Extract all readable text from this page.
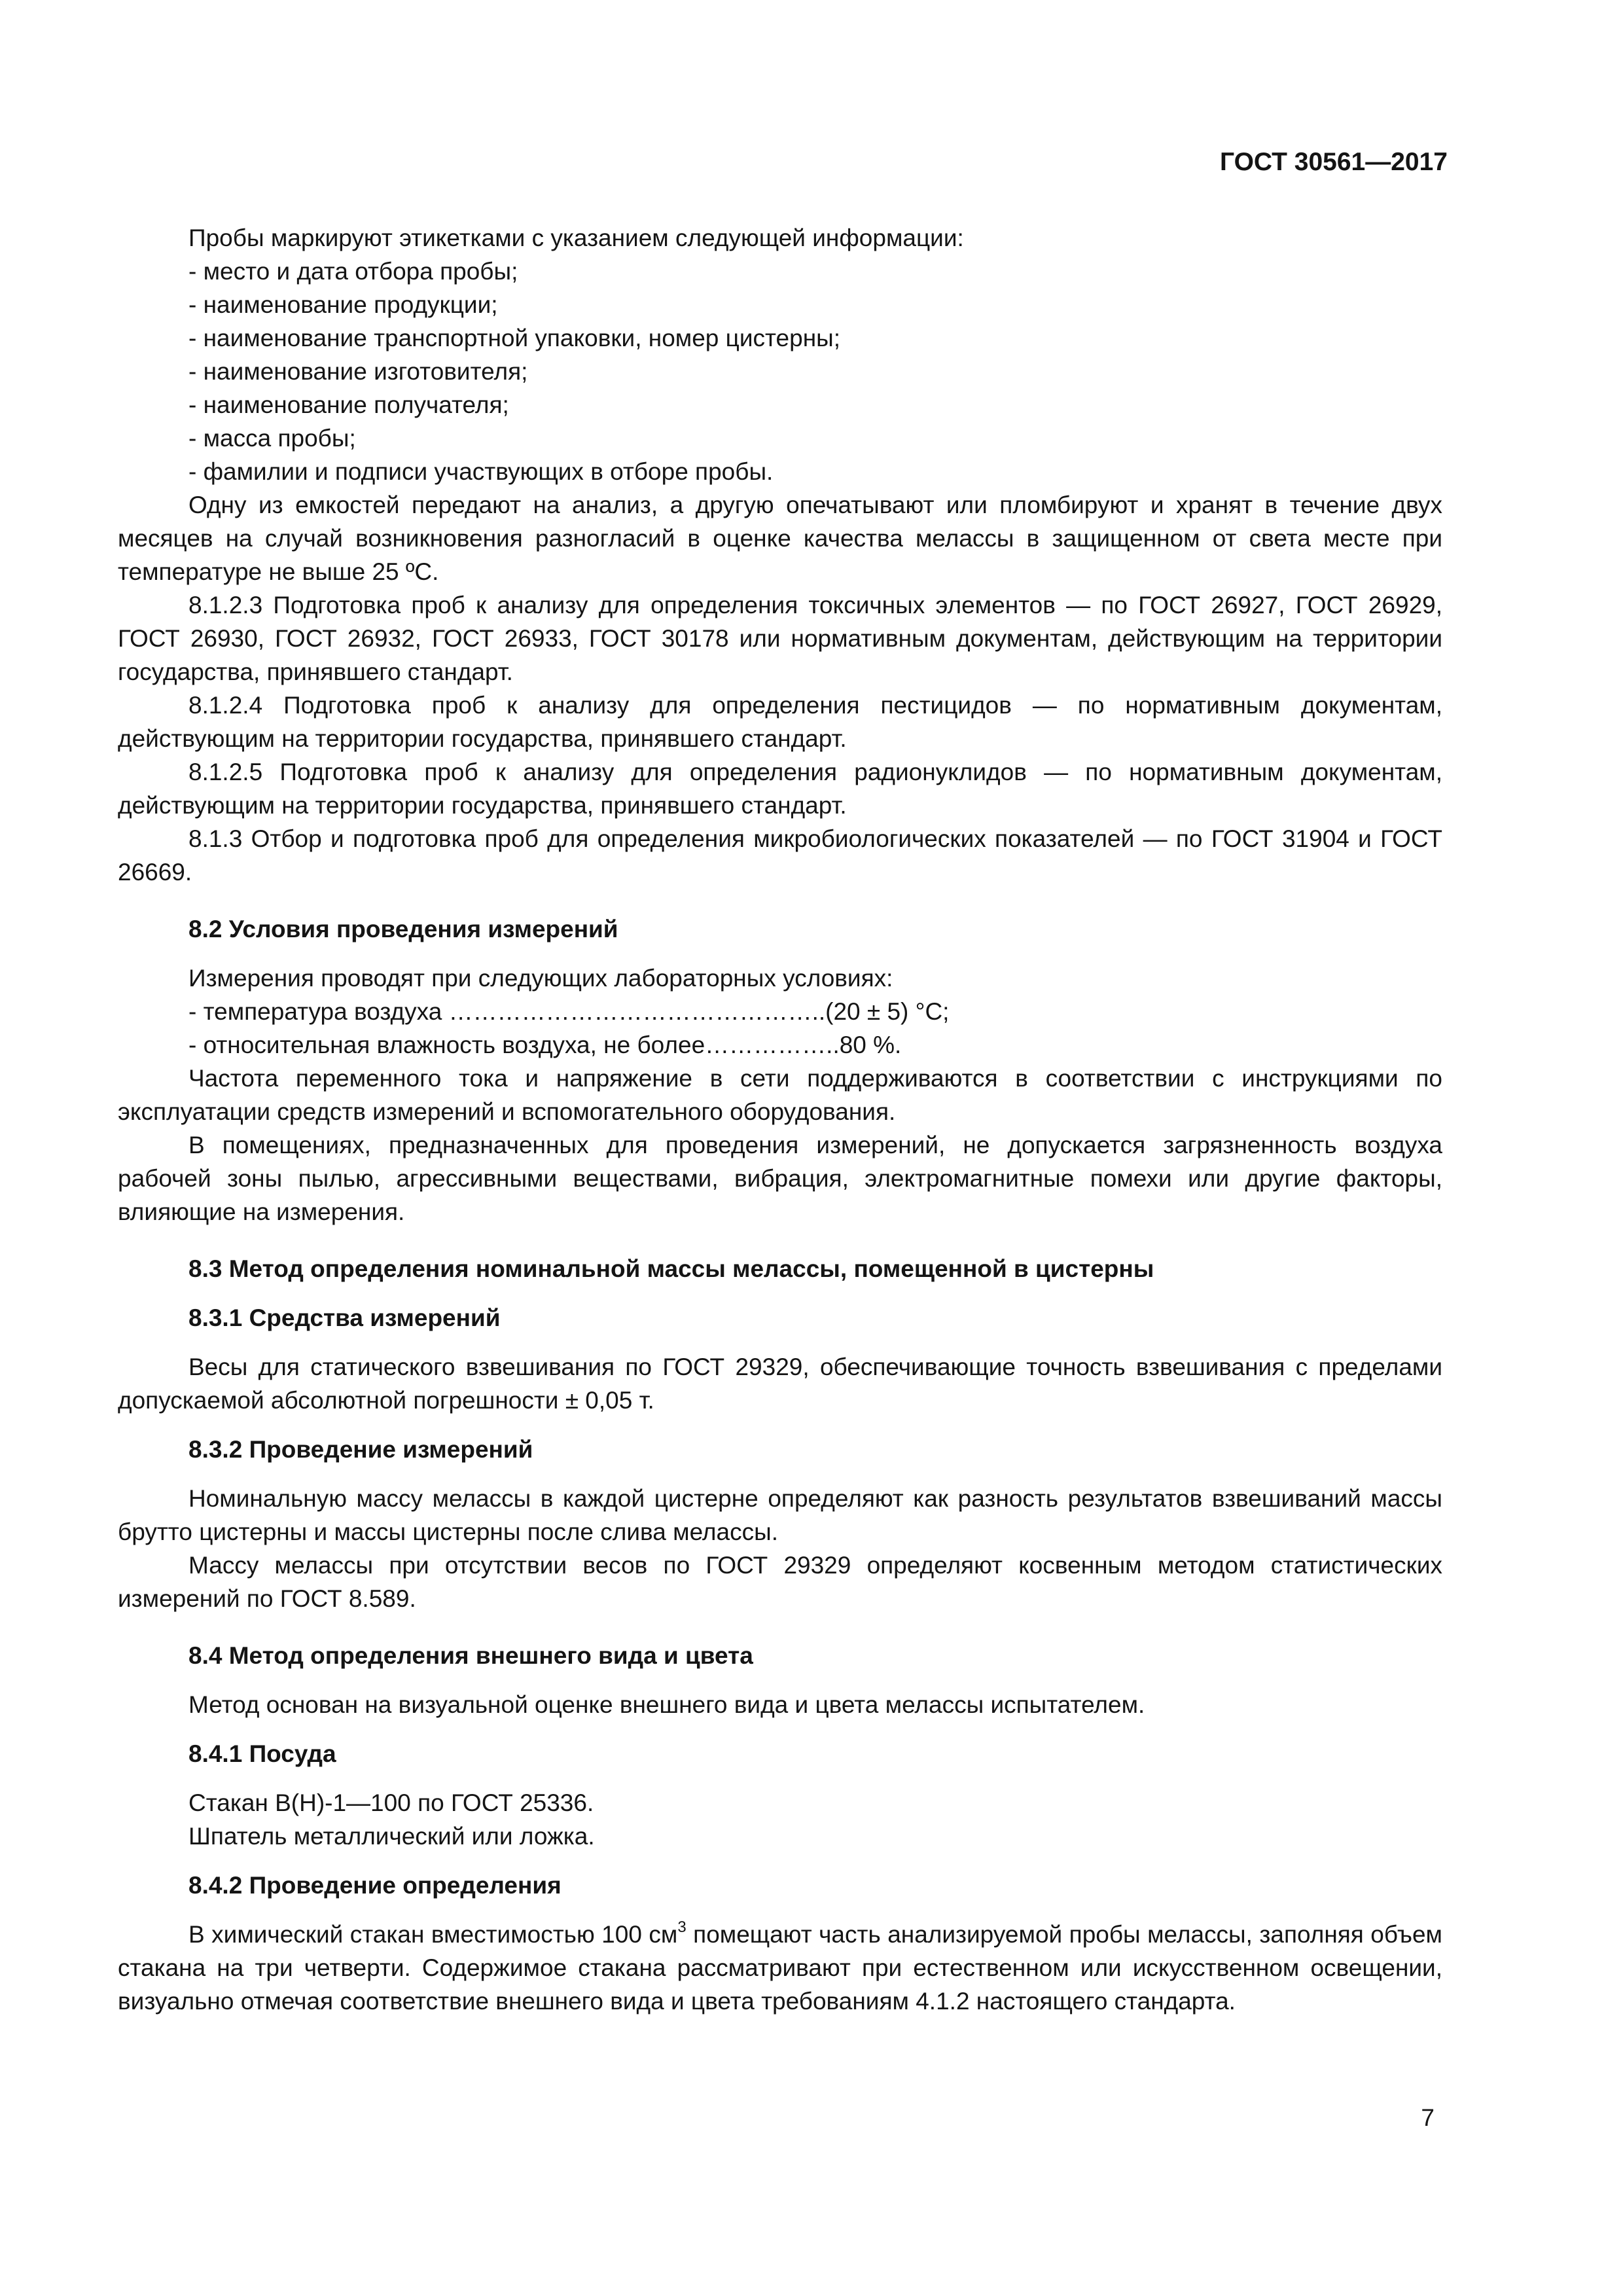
ГОСТ 30561—2017

Пробы маркируют этикетками с указанием следующей информации:

- место и дата отбора пробы;

- наименование продукции;

- наименование транспортной упаковки, номер цистерны;

- наименование изготовителя;

- наименование получателя;

- масса пробы;

- фамилии и подписи участвующих в отборе пробы.

Одну из емкостей передают на анализ, а другую опечатывают или пломбируют и хранят в течение двух месяцев на случай возникновения разногласий в оценке качества мелассы в защищенном от света месте при температуре не выше 25 ºС.

8.1.2.3 Подготовка проб к анализу для определения токсичных элементов — по ГОСТ 26927, ГОСТ 26929, ГОСТ 26930, ГОСТ 26932, ГОСТ 26933, ГОСТ 30178 или нормативным документам, действующим на территории государства, принявшего стандарт.

8.1.2.4 Подготовка проб к анализу для определения пестицидов — по нормативным документам, действующим на территории государства, принявшего стандарт.

8.1.2.5 Подготовка проб к анализу для определения радионуклидов — по нормативным документам, действующим на территории государства, принявшего стандарт.

8.1.3 Отбор и подготовка проб для определения микробиологических показателей — по ГОСТ 31904 и ГОСТ 26669.

8.2 Условия проведения измерений

Измерения проводят при следующих лабораторных условиях:

- температура воздуха ………………………………………..(20 ± 5) °С;

- относительная влажность воздуха, не более……………..80 %.

Частота переменного тока и напряжение в сети поддерживаются в соответствии с инструкциями по эксплуатации средств измерений и вспомогательного оборудования.

В помещениях, предназначенных для проведения измерений, не допускается загрязненность воздуха рабочей зоны пылью, агрессивными веществами, вибрация, электромагнитные помехи или другие факторы, влияющие на измерения.

8.3 Метод определения номинальной массы мелассы, помещенной в цистерны
8.3.1 Средства измерений

Весы для статического взвешивания по ГОСТ 29329, обеспечивающие точность взвешивания с пределами допускаемой абсолютной погрешности ± 0,05 т.

8.3.2 Проведение измерений

Номинальную массу мелассы в каждой цистерне определяют как разность результатов взвешиваний массы брутто цистерны и массы цистерны после слива мелассы.

Массу мелассы при отсутствии весов по ГОСТ 29329 определяют косвенным методом статистических измерений по ГОСТ 8.589.

8.4 Метод определения внешнего вида и цвета

Метод основан на визуальной оценке внешнего вида и цвета мелассы испытателем.

8.4.1 Посуда

Стакан В(Н)-1—100 по ГОСТ 25336.

Шпатель металлический или ложка.

8.4.2 Проведение определения

В химический стакан вместимостью 100 $см^3$ помещают часть анализируемой пробы мелассы, заполняя объем стакана на три четверти. Содержимое стакана рассматривают при естественном или искусственном освещении, визуально отмечая соответствие внешнего вида и цвета требованиям 4.1.2 настоящего стандарта.

7
